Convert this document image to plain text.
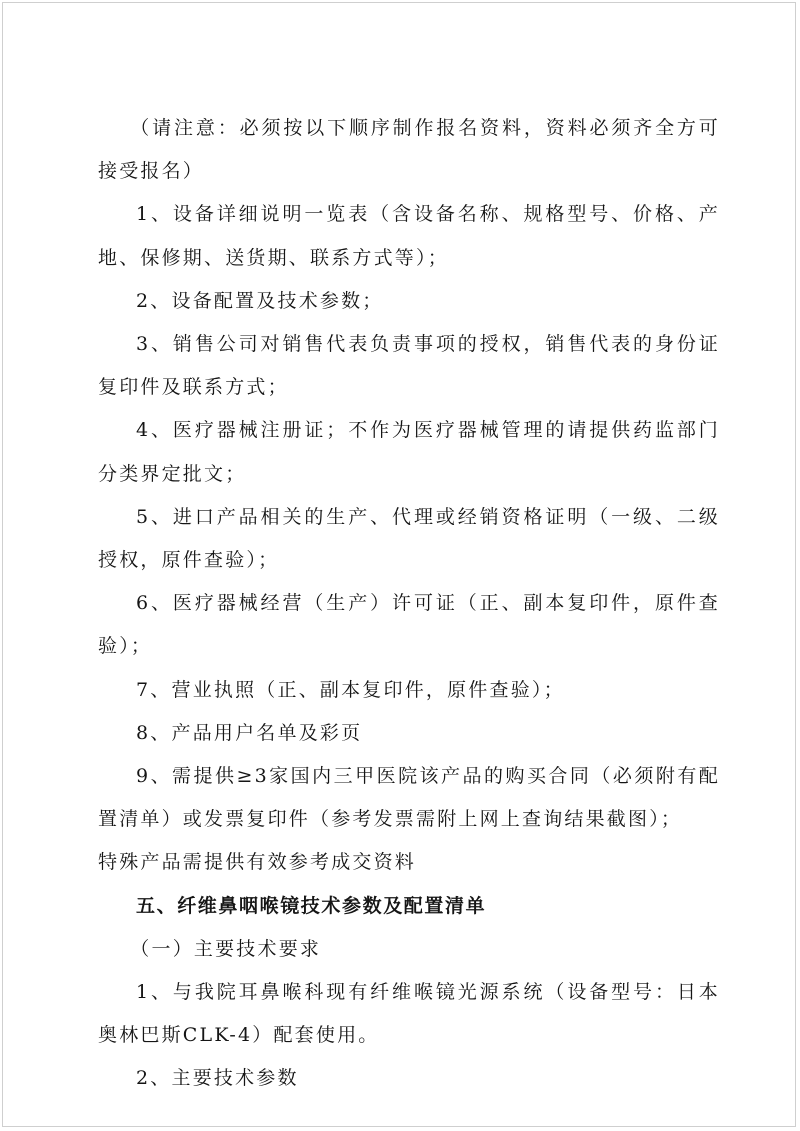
（请注意：必须按以下顺序制作报名资料，资料必须齐全方可接受报名）

1、设备详细说明一览表（含设备名称、规格型号、价格、产地、保修期、送货期、联系方式等）；

2、设备配置及技术参数；

3、销售公司对销售代表负责事项的授权，销售代表的身份证复印件及联系方式；

4、医疗器械注册证；不作为医疗器械管理的请提供药监部门分类界定批文；

5、进口产品相关的生产、代理或经销资格证明（一级、二级授权，原件查验）；

6、医疗器械经营（生产）许可证（正、副本复印件，原件查验）；

7、营业执照（正、副本复印件，原件查验）；

8、产品用户名单及彩页

9、需提供≥3家国内三甲医院该产品的购买合同（必须附有配置清单）或发票复印件（参考发票需附上网上查询结果截图）；

特殊产品需提供有效参考成交资料

五、纤维鼻咽喉镜技术参数及配置清单

（一）主要技术要求

1、与我院耳鼻喉科现有纤维喉镜光源系统（设备型号：日本奥林巴斯CLK-4）配套使用。

2、主要技术参数
